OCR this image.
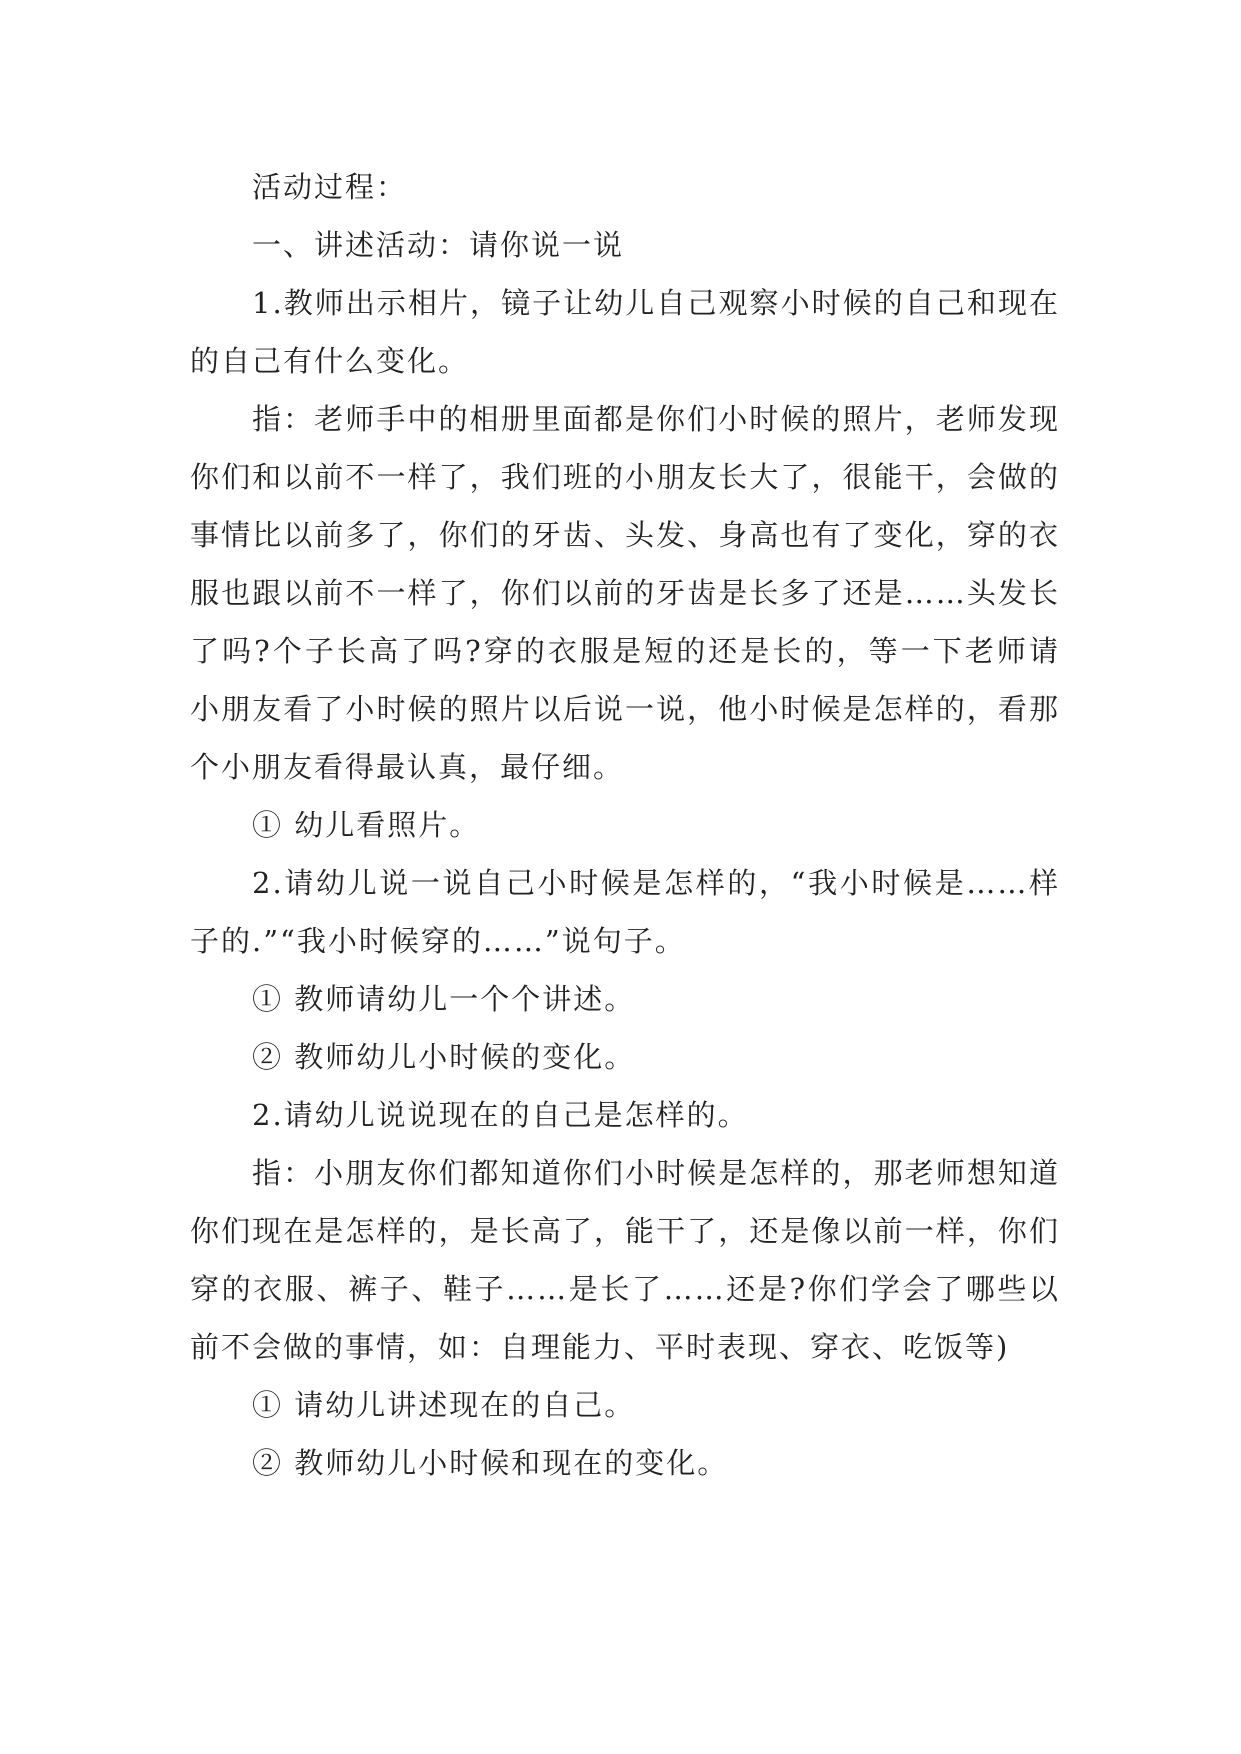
活动过程：

一、讲述活动：请你说一说

1.教师出示相片，镜子让幼儿自己观察小时候的自己和现在的自己有什么变化。

指：老师手中的相册里面都是你们小时候的照片，老师发现你们和以前不一样了，我们班的小朋友长大了，很能干，会做的事情比以前多了，你们的牙齿、头发、身高也有了变化，穿的衣服也跟以前不一样了，你们以前的牙齿是长多了还是……头发长了吗?个子长高了吗?穿的衣服是短的还是长的，等一下老师请小朋友看了小时候的照片以后说一说，他小时候是怎样的，看那个小朋友看得最认真，最仔细。

① 幼儿看照片。

2.请幼儿说一说自己小时候是怎样的，“我小时候是……样子的.”“我小时候穿的……”说句子。

① 教师请幼儿一个个讲述。

② 教师幼儿小时候的变化。

2.请幼儿说说现在的自己是怎样的。

指：小朋友你们都知道你们小时候是怎样的，那老师想知道你们现在是怎样的，是长高了，能干了，还是像以前一样，你们穿的衣服、裤子、鞋子……是长了……还是?你们学会了哪些以前不会做的事情，如：自理能力、平时表现、穿衣、吃饭等)

① 请幼儿讲述现在的自己。

② 教师幼儿小时候和现在的变化。
